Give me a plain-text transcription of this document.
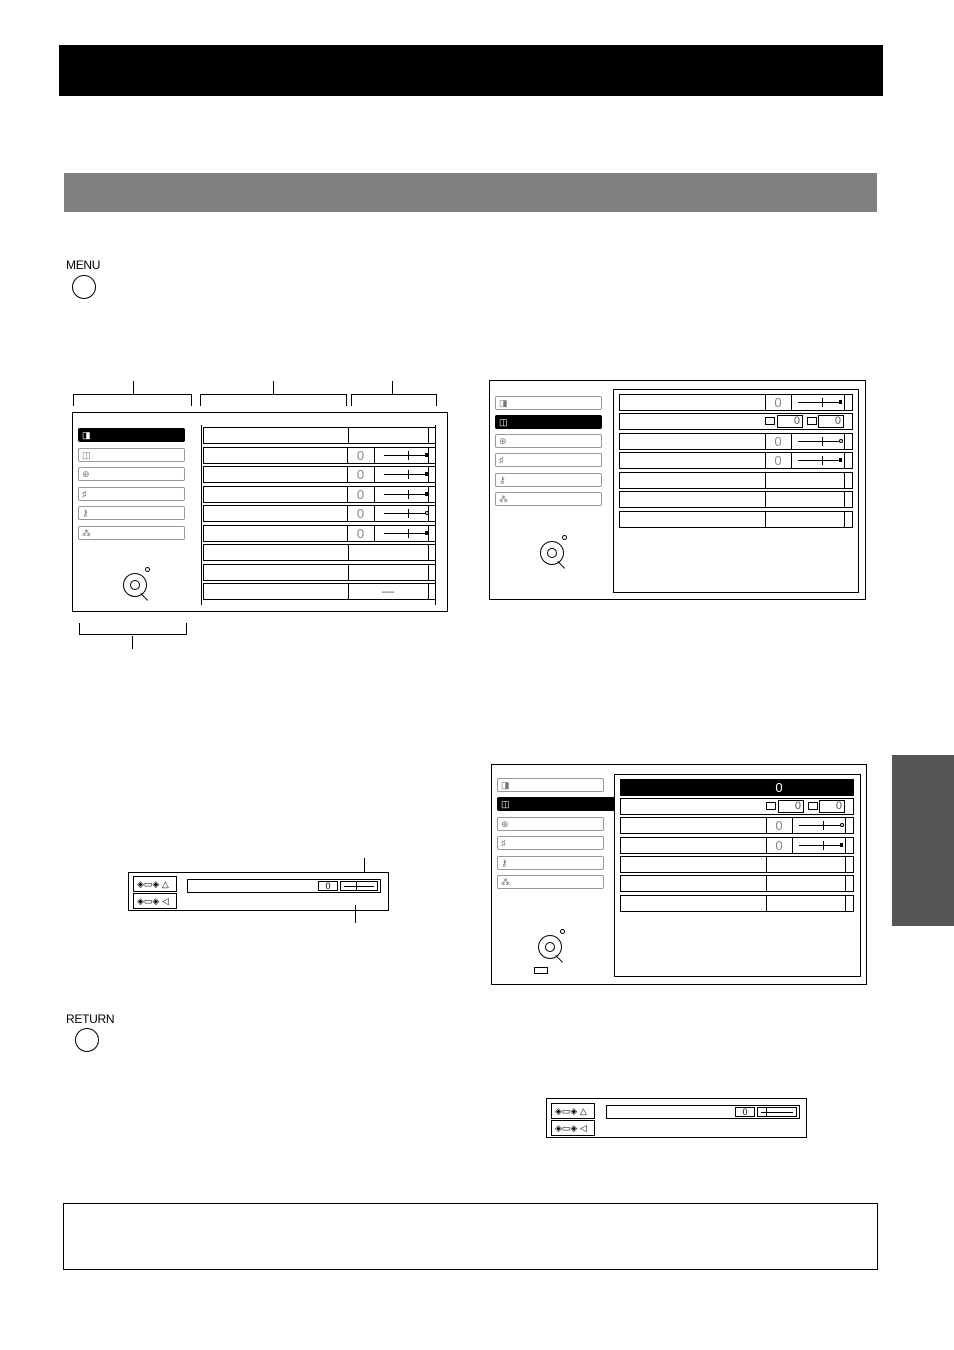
MENU
◨
◫
⊕
♯
⚷
⁂
0
0
0
0
0
—
◨
◫
⊕
♯
⚷
⁂
0
0	0
0
0
◨
◫
⊕
♯
⚷
⁂
0
0	0
0
0
◈▭◈ △
◈▭◈ ◁
0
RETURN
◈▭◈ △
◈▭◈ ◁
0
